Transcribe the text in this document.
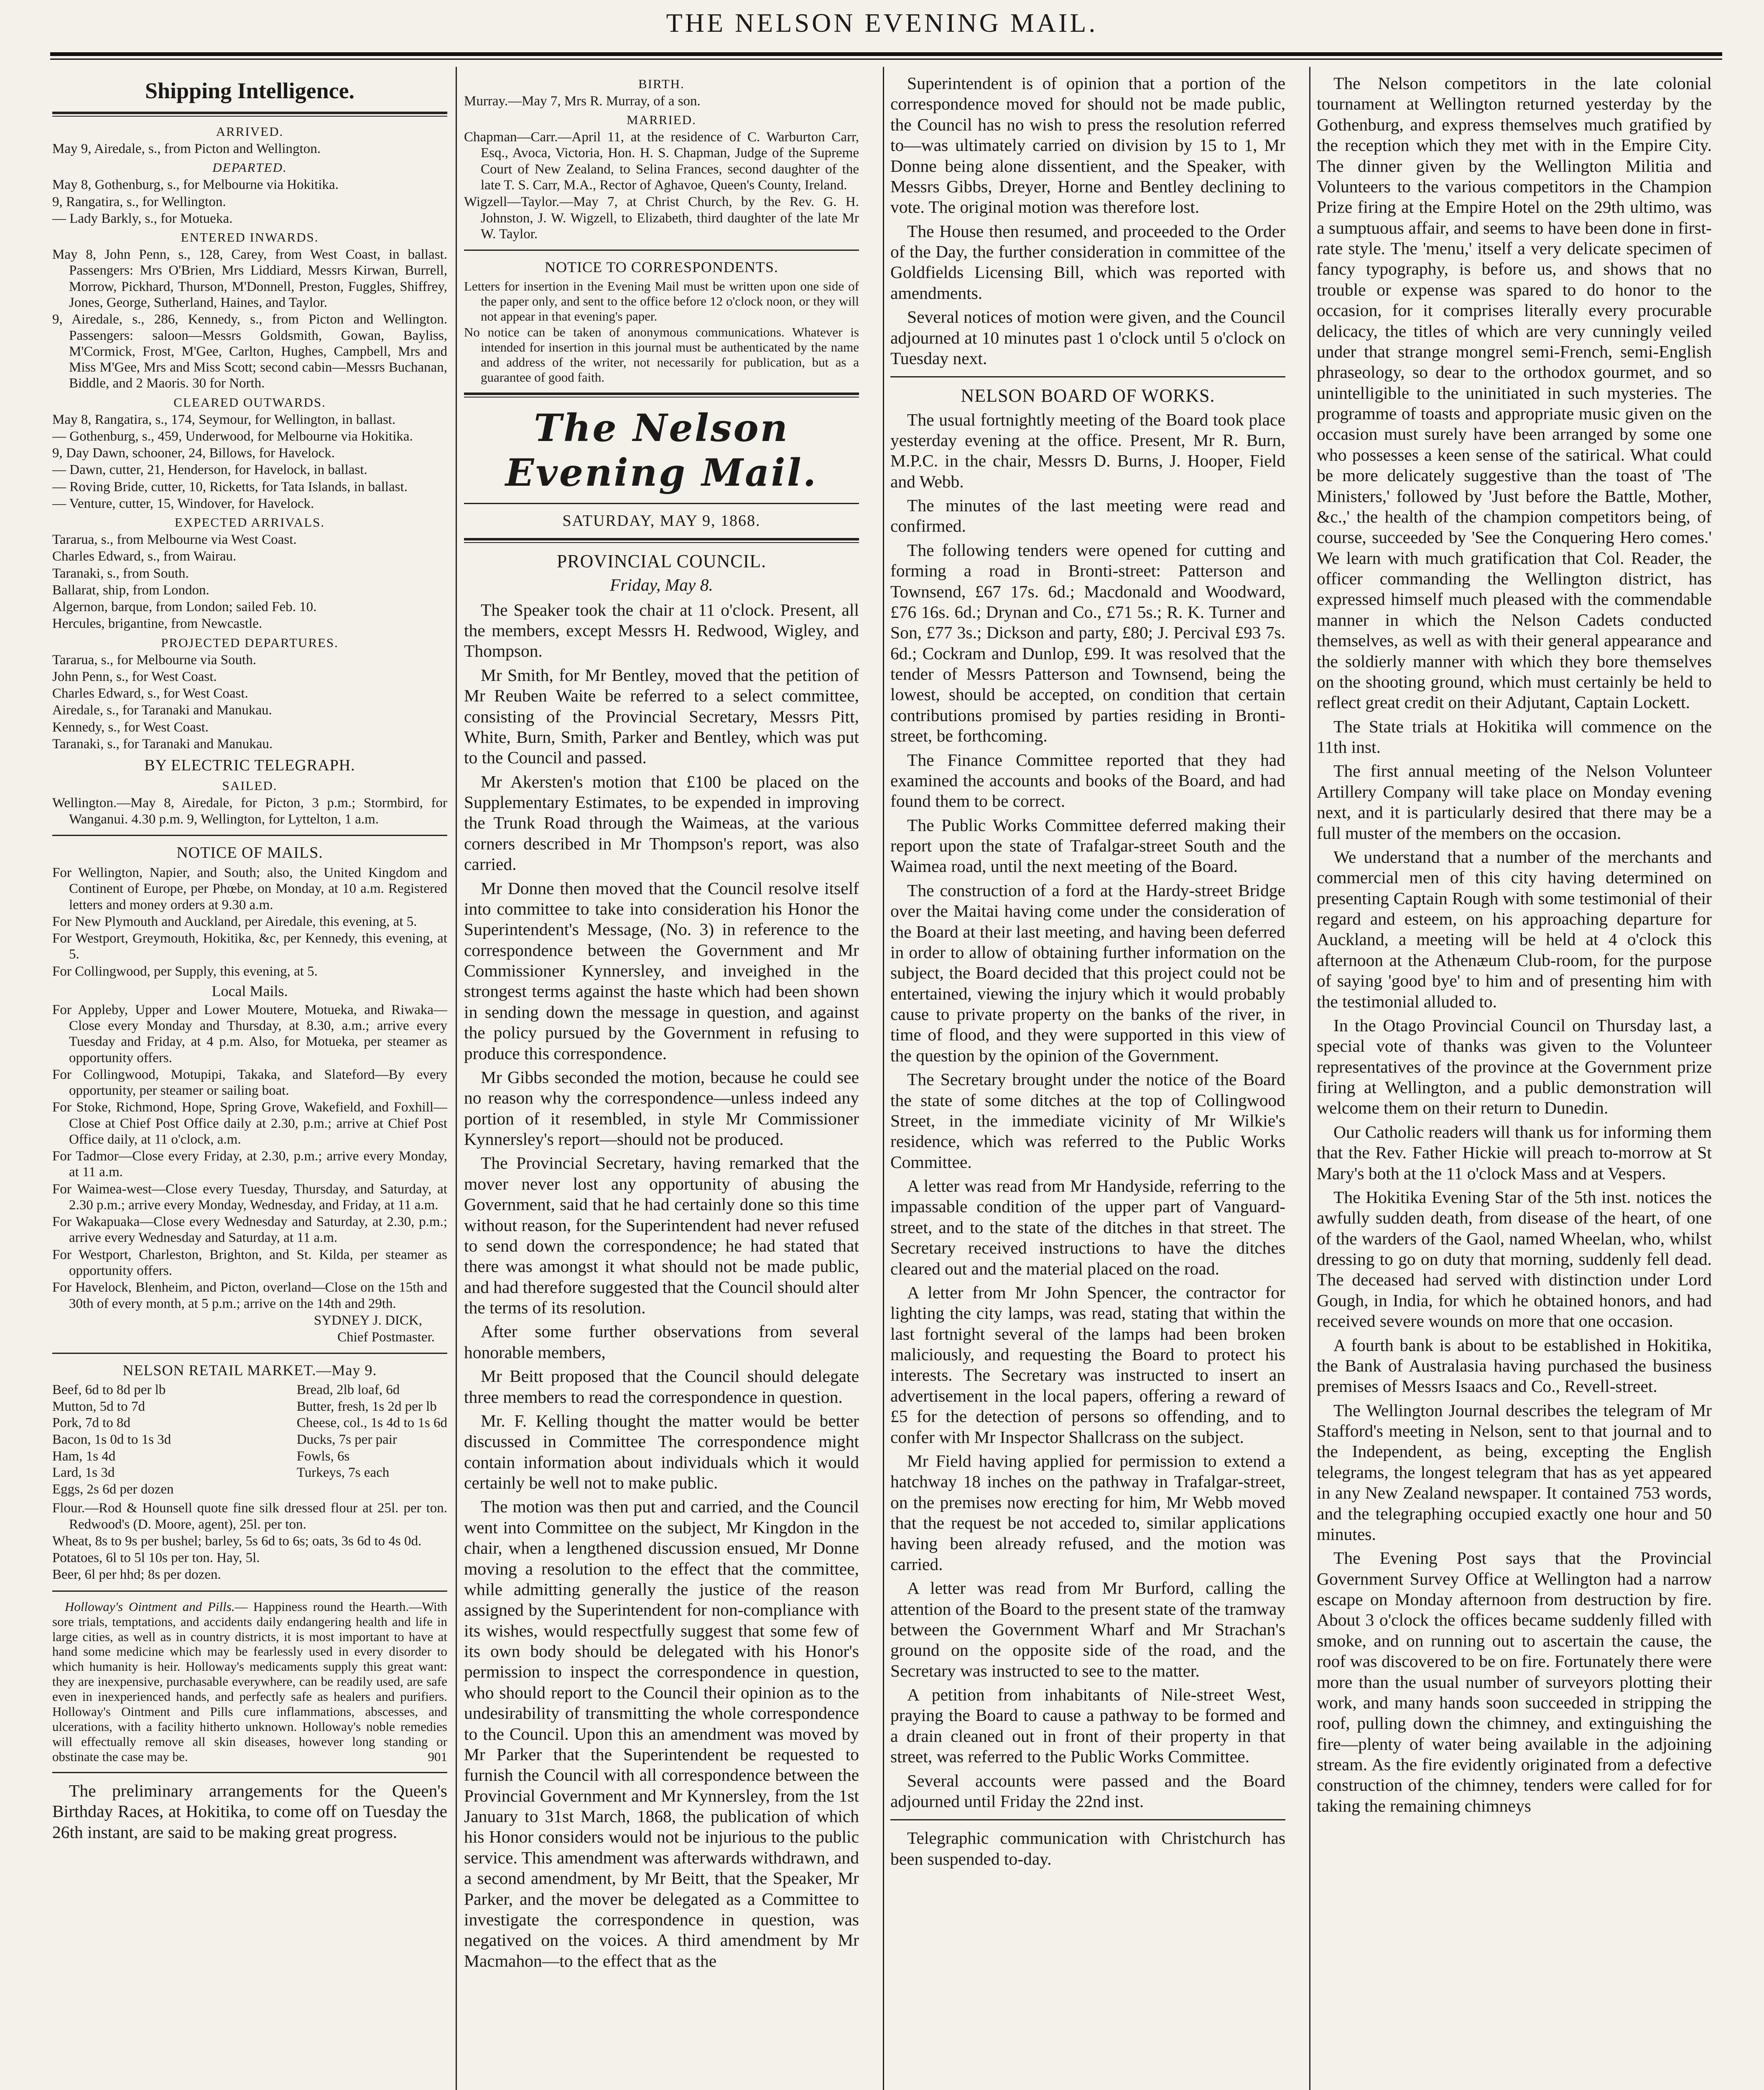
THE NELSON EVENING MAIL.
Shipping Intelligence.
ARRIVED.

May 9, Airedale, s., from Picton and Wellington.

DEPARTED.

May 8, Gothenburg, s., for Melbourne via Hokitika.

9, Rangatira, s., for Wellington.

— Lady Barkly, s., for Motueka.

ENTERED INWARDS.

May 8, John Penn, s., 128, Carey, from West Coast, in ballast. Passengers: Mrs O'Brien, Mrs Liddiard, Messrs Kirwan, Burrell, Morrow, Pickhard, Thurson, M'Donnell, Preston, Fuggles, Shiffrey, Jones, George, Sutherland, Haines, and Taylor.

9, Airedale, s., 286, Kennedy, s., from Picton and Wellington. Passengers: saloon—Messrs Goldsmith, Gowan, Bayliss, M'Cormick, Frost, M'Gee, Carlton, Hughes, Campbell, Mrs and Miss M'Gee, Mrs and Miss Scott; second cabin—Messrs Buchanan, Biddle, and 2 Maoris. 30 for North.

CLEARED OUTWARDS.

May 8, Rangatira, s., 174, Seymour, for Wellington, in ballast.

— Gothenburg, s., 459, Underwood, for Melbourne via Hokitika.

9, Day Dawn, schooner, 24, Billows, for Havelock.

— Dawn, cutter, 21, Henderson, for Havelock, in ballast.

— Roving Bride, cutter, 10, Ricketts, for Tata Islands, in ballast.

— Venture, cutter, 15, Windover, for Havelock.

EXPECTED ARRIVALS.

Tararua, s., from Melbourne via West Coast.

Charles Edward, s., from Wairau.

Taranaki, s., from South.

Ballarat, ship, from London.

Algernon, barque, from London; sailed Feb. 10.

Hercules, brigantine, from Newcastle.

PROJECTED DEPARTURES.

Tararua, s., for Melbourne via South.

John Penn, s., for West Coast.

Charles Edward, s., for West Coast.

Airedale, s., for Taranaki and Manukau.

Kennedy, s., for West Coast.

Taranaki, s., for Taranaki and Manukau.

BY ELECTRIC TELEGRAPH.
SAILED.

Wellington.—May 8, Airedale, for Picton, 3 p.m.; Stormbird, for Wanganui. 4.30 p.m. 9, Wellington, for Lyttelton, 1 a.m.

NOTICE OF MAILS.

For Wellington, Napier, and South; also, the United Kingdom and Continent of Europe, per Phœbe, on Monday, at 10 a.m. Registered letters and money orders at 9.30 a.m.

For New Plymouth and Auckland, per Airedale, this evening, at 5.

For Westport, Greymouth, Hokitika, &c, per Kennedy, this evening, at 5.

For Collingwood, per Supply, this evening, at 5.

Local Mails.

For Appleby, Upper and Lower Moutere, Motueka, and Riwaka—Close every Monday and Thursday, at 8.30, a.m.; arrive every Tuesday and Friday, at 4 p.m. Also, for Motueka, per steamer as opportunity offers.

For Collingwood, Motupipi, Takaka, and Slateford—By every opportunity, per steamer or sailing boat.

For Stoke, Richmond, Hope, Spring Grove, Wakefield, and Foxhill—Close at Chief Post Office daily at 2.30, p.m.; arrive at Chief Post Office daily, at 11 o'clock, a.m.

For Tadmor—Close every Friday, at 2.30, p.m.; arrive every Monday, at 11 a.m.

For Waimea-west—Close every Tuesday, Thursday, and Saturday, at 2.30 p.m.; arrive every Monday, Wednesday, and Friday, at 11 a.m.

For Wakapuaka—Close every Wednesday and Saturday, at 2.30, p.m.; arrive every Wednesday and Saturday, at 11 a.m.

For Westport, Charleston, Brighton, and St. Kilda, per steamer as opportunity offers.

For Havelock, Blenheim, and Picton, overland—Close on the 15th and 30th of every month, at 5 p.m.; arrive on the 14th and 29th.

SYDNEY J. DICK,

Chief Postmaster.

NELSON RETAIL MARKET.—May 9.
Beef, 6d to 8d per lb
Mutton, 5d to 7d
Pork, 7d to 8d
Bacon, 1s 0d to 1s 3d
Ham, 1s 4d
Lard, 1s 3d
Eggs, 2s 6d per dozen
Bread, 2lb loaf, 6d
Butter, fresh, 1s 2d per lb
Cheese, col., 1s 4d to 1s 6d
Ducks, 7s per pair
Fowls, 6s
Turkeys, 7s each

Flour.—Rod & Hounsell quote fine silk dressed flour at 25l. per ton. Redwood's (D. Moore, agent), 25l. per ton.

Wheat, 8s to 9s per bushel; barley, 5s 6d to 6s; oats, 3s 6d to 4s 0d.

Potatoes, 6l to 5l 10s per ton. Hay, 5l.

Beer, 6l per hhd; 8s per dozen.

Holloway's Ointment and Pills.— Happiness round the Hearth.—With sore trials, temptations, and accidents daily endangering health and life in large cities, as well as in country districts, it is most important to have at hand some medicine which may be fearlessly used in every disorder to which humanity is heir. Holloway's medicaments supply this great want: they are inexpensive, purchasable everywhere, can be readily used, are safe even in inexperienced hands, and perfectly safe as healers and purifiers. Holloway's Ointment and Pills cure inflammations, abscesses, and ulcerations, with a facility hitherto unknown. Holloway's noble remedies will effectually remove all skin diseases, however long standing or obstinate the case may be.	901

The preliminary arrangements for the Queen's Birthday Races, at Hokitika, to come off on Tuesday the 26th instant, are said to be making great progress.

BIRTH.

Murray.—May 7, Mrs R. Murray, of a son.

MARRIED.

Chapman—Carr.—April 11, at the residence of C. Warburton Carr, Esq., Avoca, Victoria, Hon. H. S. Chapman, Judge of the Supreme Court of New Zealand, to Selina Frances, second daughter of the late T. S. Carr, M.A., Rector of Aghavoe, Queen's County, Ireland.

Wigzell—Taylor.—May 7, at Christ Church, by the Rev. G. H. Johnston, J. W. Wigzell, to Elizabeth, third daughter of the late Mr W. Taylor.

NOTICE TO CORRESPONDENTS.

Letters for insertion in the Evening Mail must be written upon one side of the paper only, and sent to the office before 12 o'clock noon, or they will not appear in that evening's paper.

No notice can be taken of anonymous communications. Whatever is intended for insertion in this journal must be authenticated by the name and address of the writer, not necessarily for publication, but as a guarantee of good faith.

The Nelson Evening Mail.
SATURDAY, MAY 9, 1868.
PROVINCIAL COUNCIL.
Friday, May 8.

The Speaker took the chair at 11 o'clock. Present, all the members, except Messrs H. Redwood, Wigley, and Thompson.

Mr Smith, for Mr Bentley, moved that the petition of Mr Reuben Waite be referred to a select committee, consisting of the Provincial Secretary, Messrs Pitt, White, Burn, Smith, Parker and Bentley, which was put to the Council and passed.

Mr Akersten's motion that £100 be placed on the Supplementary Estimates, to be expended in improving the Trunk Road through the Waimeas, at the various corners described in Mr Thompson's report, was also carried.

Mr Donne then moved that the Council resolve itself into committee to take into consideration his Honor the Superintendent's Message, (No. 3) in reference to the correspondence between the Government and Mr Commissioner Kynnersley, and inveighed in the strongest terms against the haste which had been shown in sending down the message in question, and against the policy pursued by the Government in refusing to produce this correspondence.

Mr Gibbs seconded the motion, because he could see no reason why the correspondence—unless indeed any portion of it resembled, in style Mr Commissioner Kynnersley's report—should not be produced.

The Provincial Secretary, having remarked that the mover never lost any opportunity of abusing the Government, said that he had certainly done so this time without reason, for the Superintendent had never refused to send down the correspondence; he had stated that there was amongst it what should not be made public, and had therefore suggested that the Council should alter the terms of its resolution.

After some further observations from several honorable members,

Mr Beitt proposed that the Council should delegate three members to read the correspondence in question.

Mr. F. Kelling thought the matter would be better discussed in Committee The correspondence might contain information about individuals which it would certainly be well not to make public.

The motion was then put and carried, and the Council went into Committee on the subject, Mr Kingdon in the chair, when a lengthened discussion ensued, Mr Donne moving a resolution to the effect that the committee, while admitting generally the justice of the reason assigned by the Superintendent for non-compliance with its wishes, would respectfully suggest that some few of its own body should be delegated with his Honor's permission to inspect the correspondence in question, who should report to the Council their opinion as to the undesirability of transmitting the whole correspondence to the Council. Upon this an amendment was moved by Mr Parker that the Superintendent be requested to furnish the Council with all correspondence between the Provincial Government and Mr Kynnersley, from the 1st January to 31st March, 1868, the publication of which his Honor considers would not be injurious to the public service. This amendment was afterwards withdrawn, and a second amendment, by Mr Beitt, that the Speaker, Mr Parker, and the mover be delegated as a Committee to investigate the correspondence in question, was negatived on the voices. A third amendment by Mr Macmahon—to the effect that as the

Superintendent is of opinion that a portion of the correspondence moved for should not be made public, the Council has no wish to press the resolution referred to—was ultimately carried on division by 15 to 1, Mr Donne being alone dissentient, and the Speaker, with Messrs Gibbs, Dreyer, Horne and Bentley declining to vote. The original motion was therefore lost.

The House then resumed, and proceeded to the Order of the Day, the further consideration in committee of the Goldfields Licensing Bill, which was reported with amendments.

Several notices of motion were given, and the Council adjourned at 10 minutes past 1 o'clock until 5 o'clock on Tuesday next.

NELSON BOARD OF WORKS.

The usual fortnightly meeting of the Board took place yesterday evening at the office. Present, Mr R. Burn, M.P.C. in the chair, Messrs D. Burns, J. Hooper, Field and Webb.

The minutes of the last meeting were read and confirmed.

The following tenders were opened for cutting and forming a road in Bronti-street: Patterson and Townsend, £67 17s. 6d.; Macdonald and Woodward, £76 16s. 6d.; Drynan and Co., £71 5s.; R. K. Turner and Son, £77 3s.; Dickson and party, £80; J. Percival £93 7s. 6d.; Cockram and Dunlop, £99. It was resolved that the tender of Messrs Patterson and Townsend, being the lowest, should be accepted, on condition that certain contributions promised by parties residing in Bronti-street, be forthcoming.

The Finance Committee reported that they had examined the accounts and books of the Board, and had found them to be correct.

The Public Works Committee deferred making their report upon the state of Trafalgar-street South and the Waimea road, until the next meeting of the Board.

The construction of a ford at the Hardy-street Bridge over the Maitai having come under the consideration of the Board at their last meeting, and having been deferred in order to allow of obtaining further information on the subject, the Board decided that this project could not be entertained, viewing the injury which it would probably cause to private property on the banks of the river, in time of flood, and they were supported in this view of the question by the opinion of the Government.

The Secretary brought under the notice of the Board the state of some ditches at the top of Collingwood Street, in the immediate vicinity of Mr Wilkie's residence, which was referred to the Public Works Committee.

A letter was read from Mr Handyside, referring to the impassable condition of the upper part of Vanguard-street, and to the state of the ditches in that street. The Secretary received instructions to have the ditches cleared out and the material placed on the road.

A letter from Mr John Spencer, the contractor for lighting the city lamps, was read, stating that within the last fortnight several of the lamps had been broken maliciously, and requesting the Board to protect his interests. The Secretary was instructed to insert an advertisement in the local papers, offering a reward of £5 for the detection of persons so offending, and to confer with Mr Inspector Shallcrass on the subject.

Mr Field having applied for permission to extend a hatchway 18 inches on the pathway in Trafalgar-street, on the premises now erecting for him, Mr Webb moved that the request be not acceded to, similar applications having been already refused, and the motion was carried.

A letter was read from Mr Burford, calling the attention of the Board to the present state of the tramway between the Government Wharf and Mr Strachan's ground on the opposite side of the road, and the Secretary was instructed to see to the matter.

A petition from inhabitants of Nile-street West, praying the Board to cause a pathway to be formed and a drain cleaned out in front of their property in that street, was referred to the Public Works Committee.

Several accounts were passed and the Board adjourned until Friday the 22nd inst.

Telegraphic communication with Christchurch has been suspended to-day.

The Nelson competitors in the late colonial tournament at Wellington returned yesterday by the Gothenburg, and express themselves much gratified by the reception which they met with in the Empire City. The dinner given by the Wellington Militia and Volunteers to the various competitors in the Champion Prize firing at the Empire Hotel on the 29th ultimo, was a sumptuous affair, and seems to have been done in first-rate style. The 'menu,' itself a very delicate specimen of fancy typography, is before us, and shows that no trouble or expense was spared to do honor to the occasion, for it comprises literally every procurable delicacy, the titles of which are very cunningly veiled under that strange mongrel semi-French, semi-English phraseology, so dear to the orthodox gourmet, and so unintelligible to the uninitiated in such mysteries. The programme of toasts and appropriate music given on the occasion must surely have been arranged by some one who possesses a keen sense of the satirical. What could be more delicately suggestive than the toast of 'The Ministers,' followed by 'Just before the Battle, Mother, &c.,' the health of the champion competitors being, of course, succeeded by 'See the Conquering Hero comes.' We learn with much gratification that Col. Reader, the officer commanding the Wellington district, has expressed himself much pleased with the commendable manner in which the Nelson Cadets conducted themselves, as well as with their general appearance and the soldierly manner with which they bore themselves on the shooting ground, which must certainly be held to reflect great credit on their Adjutant, Captain Lockett.

The State trials at Hokitika will commence on the 11th inst.

The first annual meeting of the Nelson Volunteer Artillery Company will take place on Monday evening next, and it is particularly desired that there may be a full muster of the members on the occasion.

We understand that a number of the merchants and commercial men of this city having determined on presenting Captain Rough with some testimonial of their regard and esteem, on his approaching departure for Auckland, a meeting will be held at 4 o'clock this afternoon at the Athenæum Club-room, for the purpose of saying 'good bye' to him and of presenting him with the testimonial alluded to.

In the Otago Provincial Council on Thursday last, a special vote of thanks was given to the Volunteer representatives of the province at the Government prize firing at Wellington, and a public demonstration will welcome them on their return to Dunedin.

Our Catholic readers will thank us for informing them that the Rev. Father Hickie will preach to-morrow at St Mary's both at the 11 o'clock Mass and at Vespers.

The Hokitika Evening Star of the 5th inst. notices the awfully sudden death, from disease of the heart, of one of the warders of the Gaol, named Wheelan, who, whilst dressing to go on duty that morning, suddenly fell dead. The deceased had served with distinction under Lord Gough, in India, for which he obtained honors, and had received severe wounds on more that one occasion.

A fourth bank is about to be established in Hokitika, the Bank of Australasia having purchased the business premises of Messrs Isaacs and Co., Revell-street.

The Wellington Journal describes the telegram of Mr Stafford's meeting in Nelson, sent to that journal and to the Independent, as being, excepting the English telegrams, the longest telegram that has as yet appeared in any New Zealand newspaper. It contained 753 words, and the telegraphing occupied exactly one hour and 50 minutes.

The Evening Post says that the Provincial Government Survey Office at Wellington had a narrow escape on Monday afternoon from destruction by fire. About 3 o'clock the offices became suddenly filled with smoke, and on running out to ascertain the cause, the roof was discovered to be on fire. Fortunately there were more than the usual number of surveyors plotting their work, and many hands soon succeeded in stripping the roof, pulling down the chimney, and extinguishing the fire—plenty of water being available in the adjoining stream. As the fire evidently originated from a defective construction of the chimney, tenders were called for for taking the remaining chimneys
